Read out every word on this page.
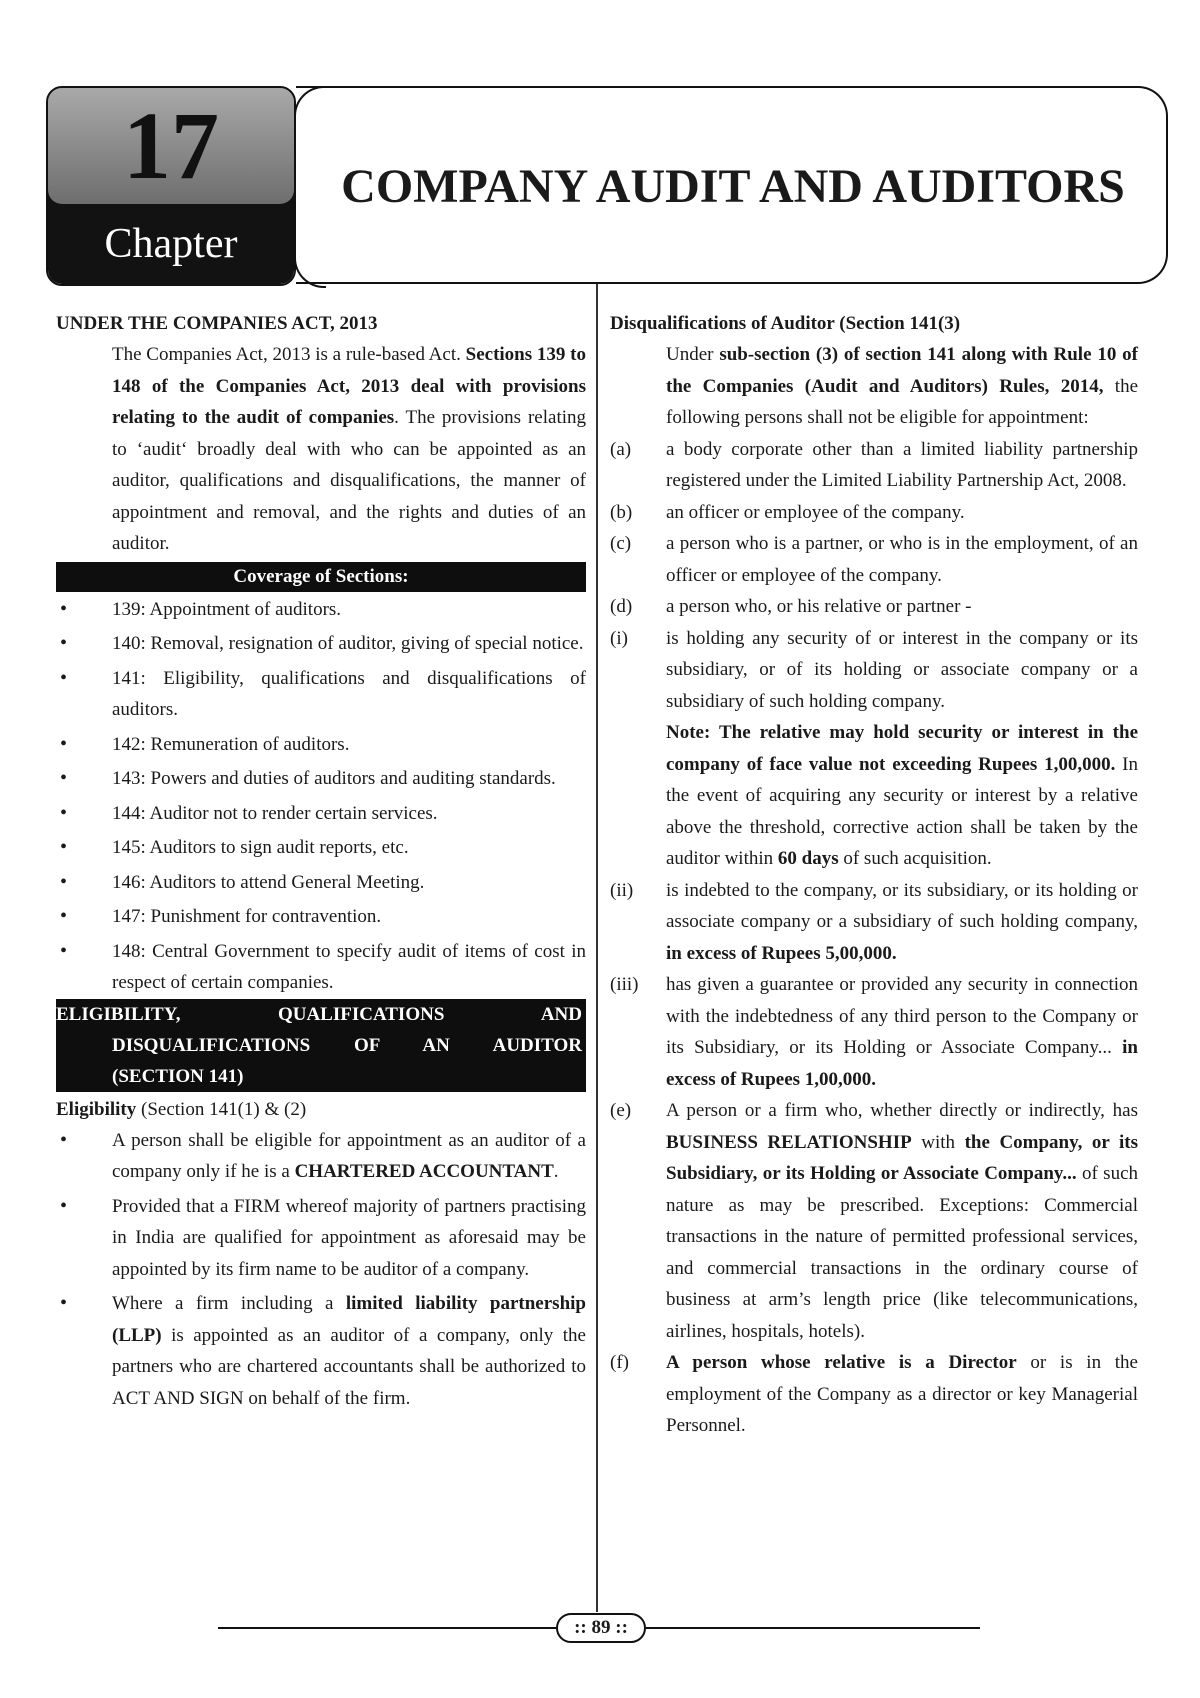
Chapter
17	COMPANY AUDIT AND AUDITORS
UNDER THE COMPANIES ACT, 2013
The Companies Act, 2013 is a rule-based Act. Sections 139 to 148 of the Companies Act, 2013 deal with provisions relating to the audit of companies. The provisions relating to ‘audit‘ broadly deal with who can be appointed as an auditor, qualifications and disqualifications, the manner of appointment and removal, and the rights and duties of an auditor.
Coverage of Sections:
• 139: Appointment of auditors.
• 140: Removal, resignation of auditor, giving of special notice.
• 141: Eligibility, qualifications and disqualifications of auditors.
• 142: Remuneration of auditors.
• 143: Powers and duties of auditors and auditing standards.
• 144: Auditor not to render certain services.
• 145: Auditors to sign audit reports, etc.
• 146: Auditors to attend General Meeting.
• 147: Punishment for contravention.
• 148: Central Government to specify audit of items of cost in respect of certain companies.
ELIGIBILITY, QUALIFICATIONS AND
DISQUALIFICATIONS OF AN AUDITOR
(SECTION 141)
Eligibility (Section 141(1) & (2)
• A person shall be eligible for appointment as an auditor of a company only if he is a CHARTERED ACCOUNTANT.
• Provided that a FIRM whereof majority of partners practising in India are qualified for appointment as aforesaid may be appointed by its firm name to be auditor of a company.
• Where a firm including a limited liability partnership (LLP) is appointed as an auditor of a company, only the partners who are chartered accountants shall be authorized to ACT AND SIGN on behalf of the firm.
Disqualifications of Auditor (Section 141(3)
Under sub-section (3) of section 141 along with Rule 10 of the Companies (Audit and Auditors) Rules, 2014, the following persons shall not be eligible for appointment:
(a) a body corporate other than a limited liability partnership registered under the Limited Liability Partnership Act, 2008.
(b) an officer or employee of the company.
(c) a person who is a partner, or who is in the employment, of an officer or employee of the company.
(d) a person who, or his relative or partner -
(i) is holding any security of or interest in the company or its subsidiary, or of its holding or associate company or a subsidiary of such holding company.
Note: The relative may hold security or interest in the company of face value not exceeding Rupees 1,00,000. In the event of acquiring any security or interest by a relative above the threshold, corrective action shall be taken by the auditor within 60 days of such acquisition.
(ii) is indebted to the company, or its subsidiary, or its holding or associate company or a subsidiary of such holding company, in excess of Rupees 5,00,000.
(iii) has given a guarantee or provided any security in connection with the indebtedness of any third person to the Company or its Subsidiary, or its Holding or Associate Company... in excess of Rupees 1,00,000.
(e) A person or a firm who, whether directly or indirectly, has BUSINESS RELATIONSHIP with the Company, or its Subsidiary, or its Holding or Associate Company... of such nature as may be prescribed. Exceptions: Commercial transactions in the nature of permitted professional services, and commercial transactions in the ordinary course of business at arm’s length price (like telecommunications, airlines, hospitals, hotels).
(f) A person whose relative is a Director or is in the employment of the Company as a director or key Managerial Personnel.
:: 89 ::
